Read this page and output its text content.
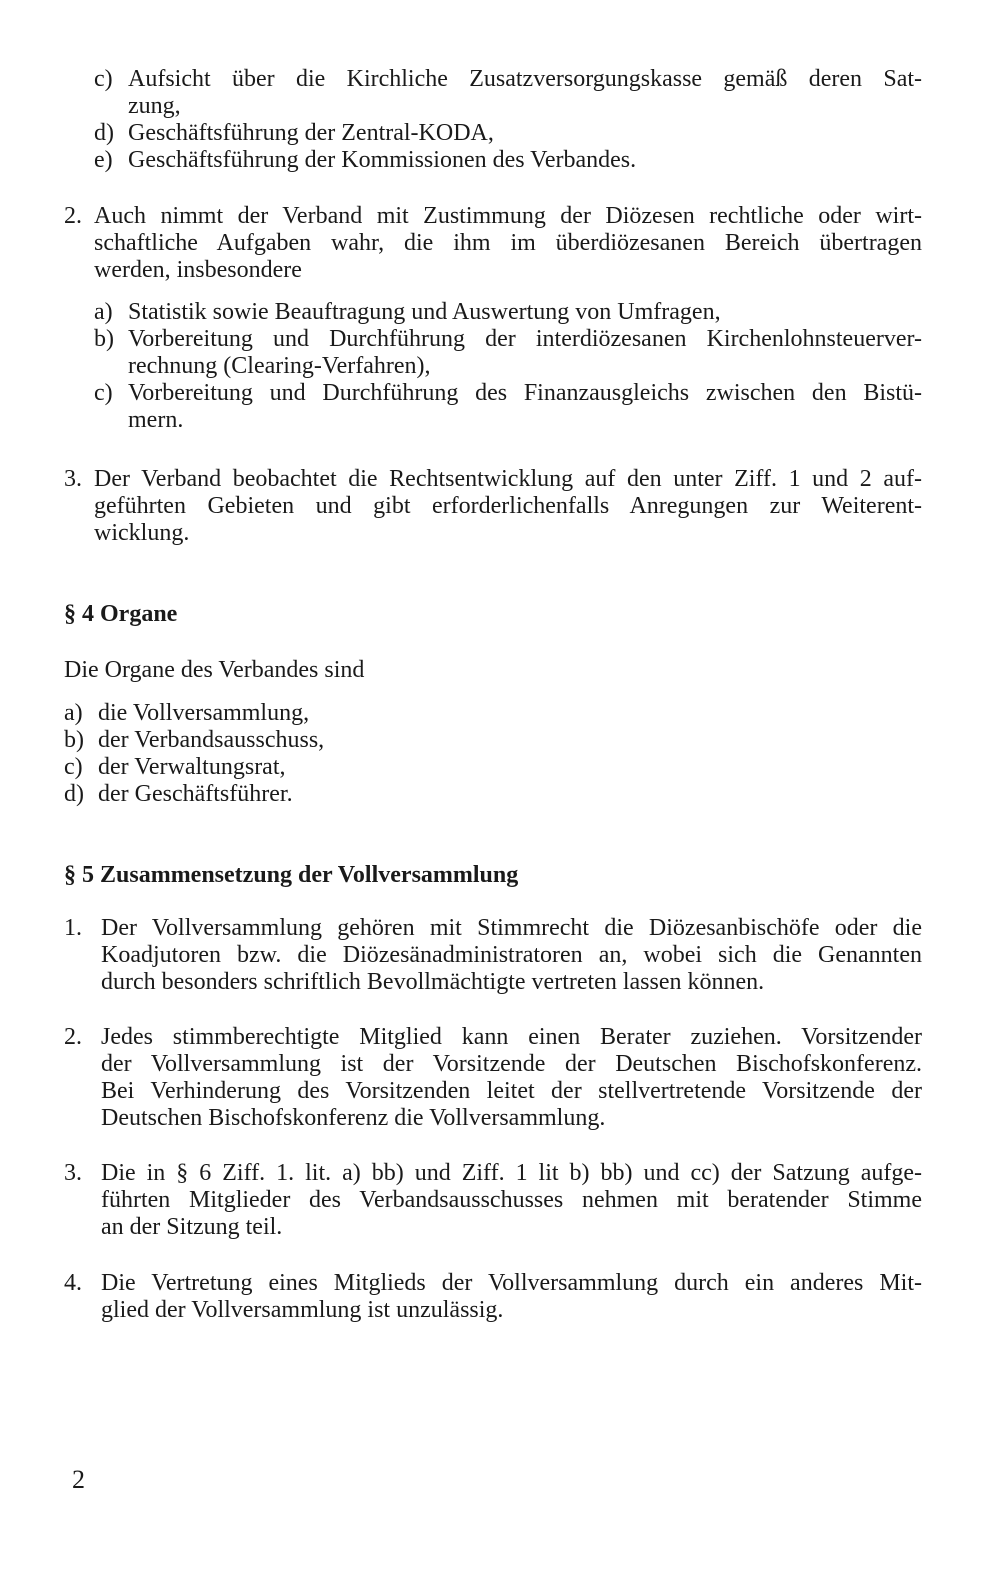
c) Aufsicht über die Kirchliche Zusatzversorgungskasse gemäß deren Sat-
zung,
d) Geschäftsführung der Zentral-KODA,
e) Geschäftsführung der Kommissionen des Verbandes.
2. Auch nimmt der Verband mit Zustimmung der Diözesen rechtliche oder wirt-
schaftliche Aufgaben wahr, die ihm im überdiözesanen Bereich übertragen
werden, insbesondere
a) Statistik sowie Beauftragung und Auswertung von Umfragen,
b) Vorbereitung und Durchführung der interdiözesanen Kirchenlohnsteuerver-
rechnung (Clearing-Verfahren),
c) Vorbereitung und Durchführung des Finanzausgleichs zwischen den Bistü-
mern.
3. Der Verband beobachtet die Rechtsentwicklung auf den unter Ziff. 1 und 2 auf-
geführten Gebieten und gibt erforderlichenfalls Anregungen zur Weiterent-
wicklung.
§ 4 Organe
Die Organe des Verbandes sind
a) die Vollversammlung,
b) der Verbandsausschuss,
c) der Verwaltungsrat,
d) der Geschäftsführer.
§ 5 Zusammensetzung der Vollversammlung
1. Der Vollversammlung gehören mit Stimmrecht die Diözesanbischöfe oder die
Koadjutoren bzw. die Diözesänadministratoren an, wobei sich die Genannten
durch besonders schriftlich Bevollmächtigte vertreten lassen können.
2. Jedes stimmberechtigte Mitglied kann einen Berater zuziehen. Vorsitzender
der Vollversammlung ist der Vorsitzende der Deutschen Bischofskonferenz.
Bei Verhinderung des Vorsitzenden leitet der stellvertretende Vorsitzende der
Deutschen Bischofskonferenz die Vollversammlung.
3. Die in § 6 Ziff. 1. lit. a) bb) und Ziff. 1 lit b) bb) und cc) der Satzung aufge-
führten Mitglieder des Verbandsausschusses nehmen mit beratender Stimme
an der Sitzung teil.
4. Die Vertretung eines Mitglieds der Vollversammlung durch ein anderes Mit-
glied der Vollversammlung ist unzulässig.
2
